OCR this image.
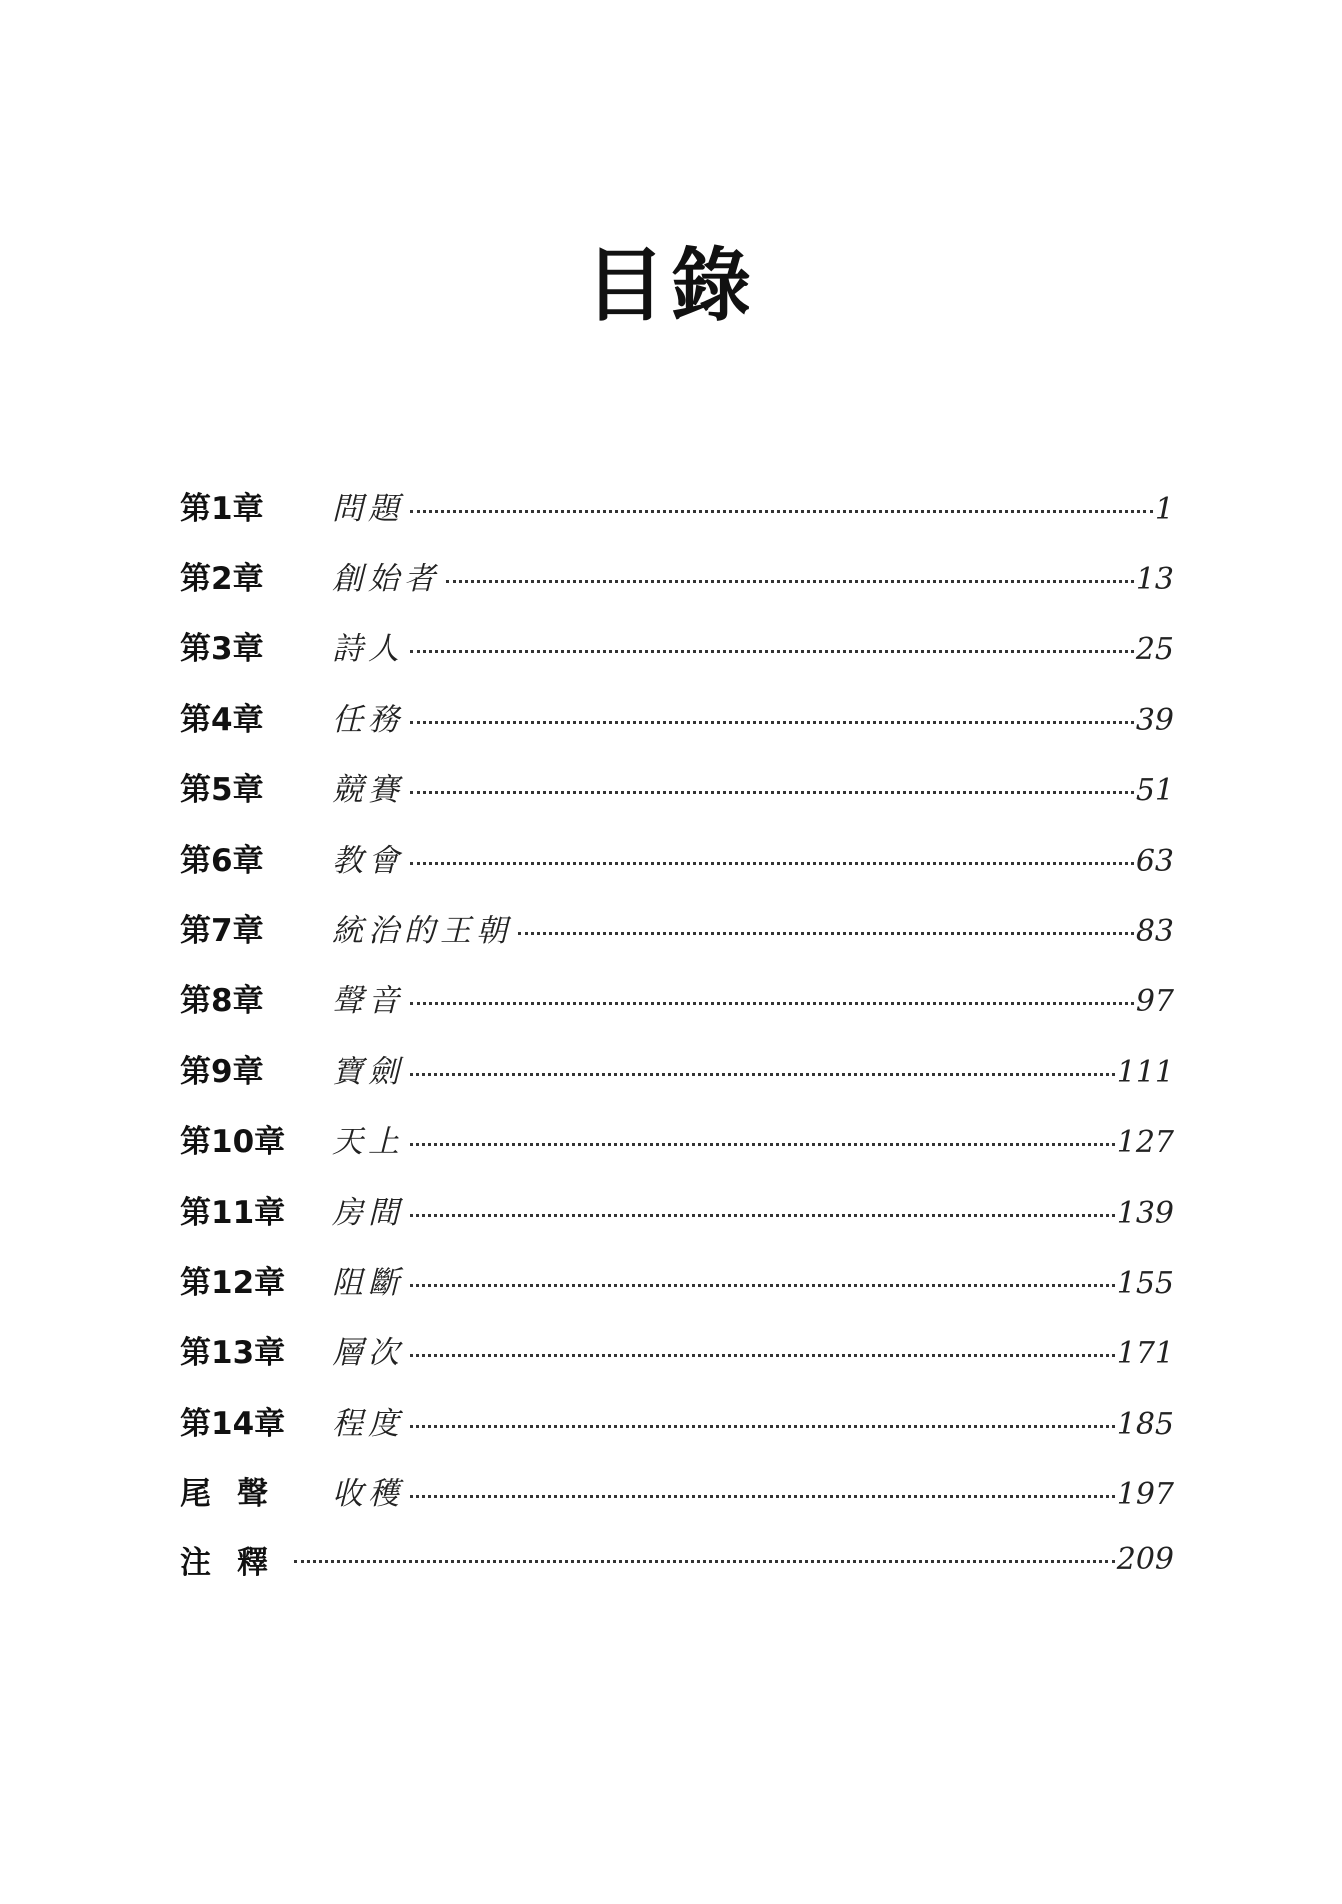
目錄
第1章	問題	1
第2章	創始者	13
第3章	詩人	25
第4章	任務	39
第5章	競賽	51
第6章	教會	63
第7章	統治的王朝	83
第8章	聲音	97
第9章	寶劍	111
第10章	天上	127
第11章	房間	139
第12章	阻斷	155
第13章	層次	171
第14章	程度	185
尾聲	收穫	197
注釋	209
